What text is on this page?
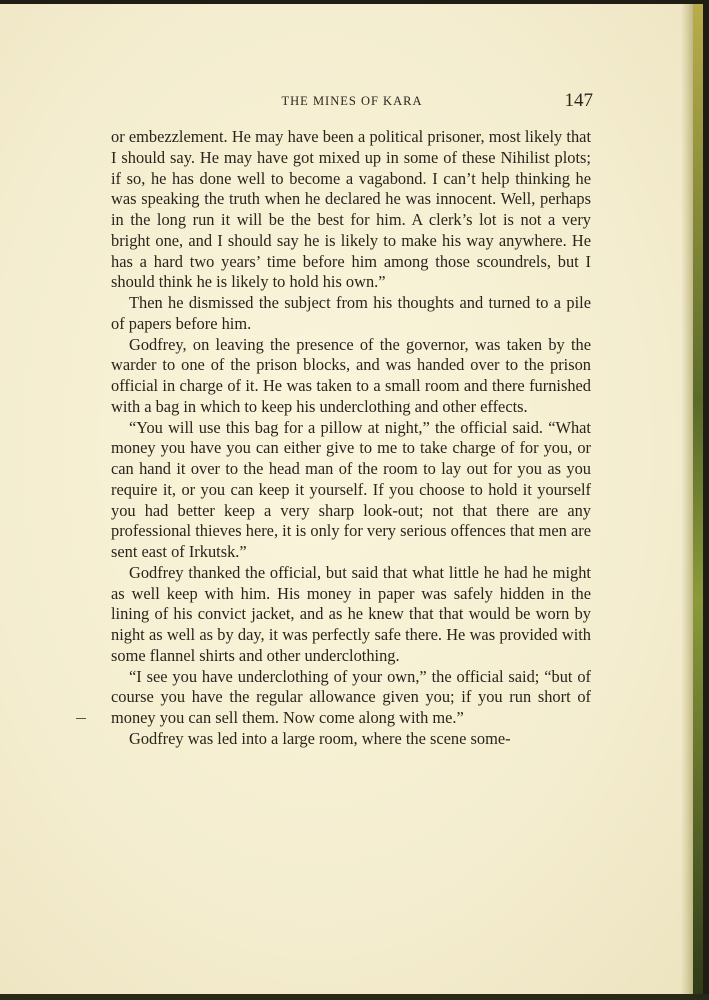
THE MINES OF KARA	147

or embezzlement. He may have been a political prisoner, most likely that I should say. He may have got mixed up in some of these Nihilist plots; if so, he has done well to become a vagabond. I can’t help thinking he was speaking the truth when he declared he was innocent. Well, perhaps in the long run it will be the best for him. A clerk’s lot is not a very bright one, and I should say he is likely to make his way anywhere. He has a hard two years’ time before him among those scoundrels, but I should think he is likely to hold his own.”

Then he dismissed the subject from his thoughts and turned to a pile of papers before him.

Godfrey, on leaving the presence of the governor, was taken by the warder to one of the prison blocks, and was handed over to the prison official in charge of it. He was taken to a small room and there furnished with a bag in which to keep his underclothing and other effects.

“You will use this bag for a pillow at night,” the official said. “What money you have you can either give to me to take charge of for you, or can hand it over to the head man of the room to lay out for you as you require it, or you can keep it yourself. If you choose to hold it yourself you had better keep a very sharp look-out; not that there are any professional thieves here, it is only for very serious offences that men are sent east of Irkutsk.”

Godfrey thanked the official, but said that what little he had he might as well keep with him. His money in paper was safely hidden in the lining of his convict jacket, and as he knew that that would be worn by night as well as by day, it was perfectly safe there. He was provided with some flannel shirts and other underclothing.

“I see you have underclothing of your own,” the official said; “but of course you have the regular allowance given you; if you run short of money you can sell them. Now come along with me.”

Godfrey was led into a large room, where the scene some-
